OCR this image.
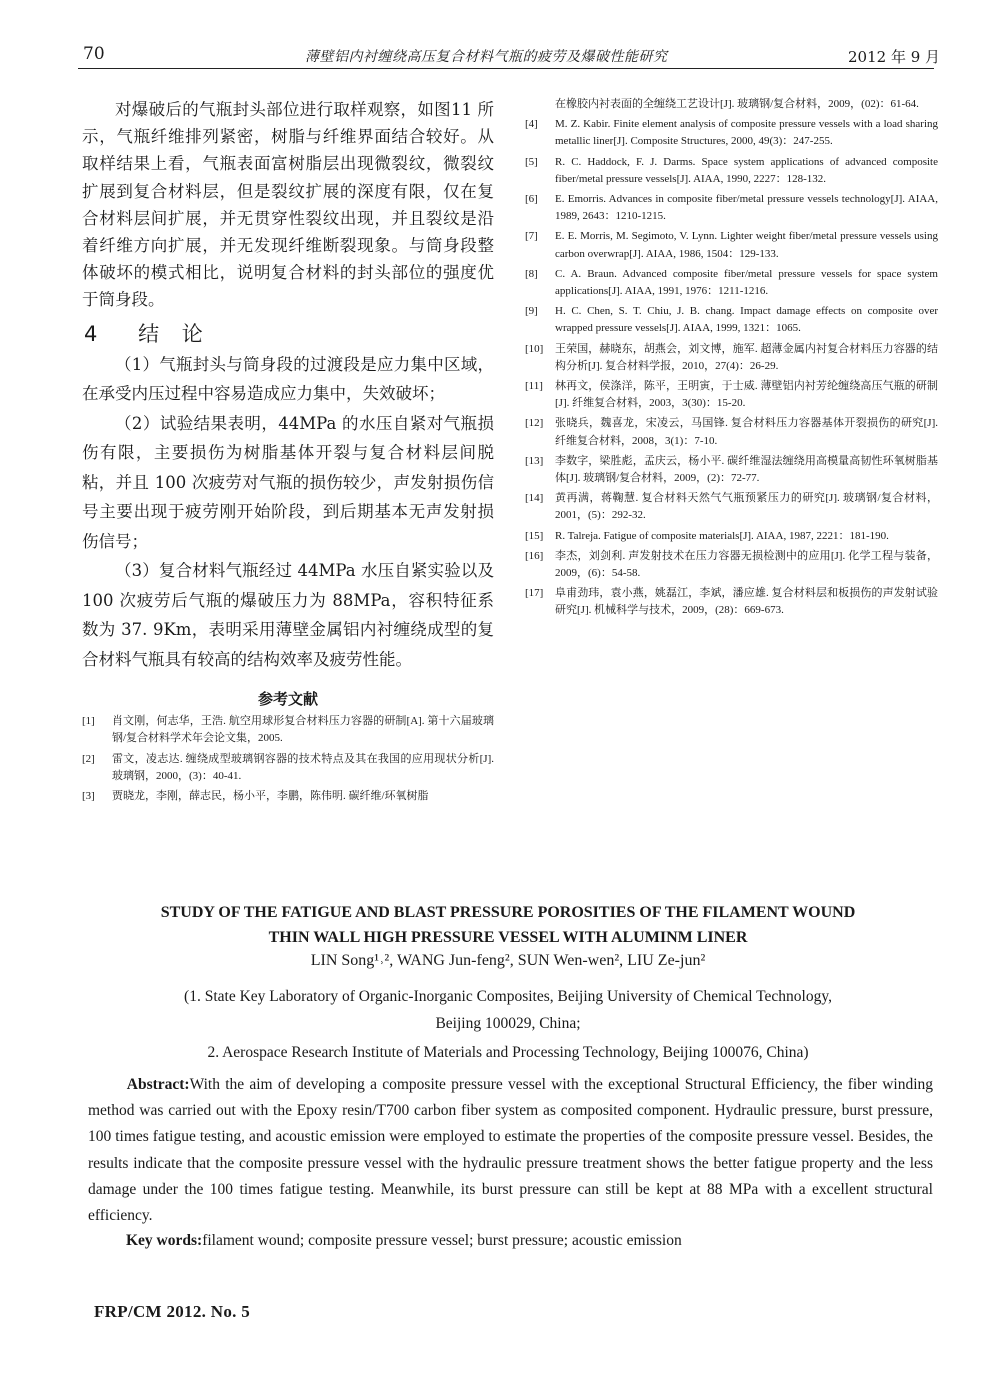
70	薄壁铝内衬缠绕高压复合材料气瓶的疲劳及爆破性能研究	2012 年 9 月

对爆破后的气瓶封头部位进行取样观察，如图11 所示，气瓶纤维排列紧密，树脂与纤维界面结合较好。从取样结果上看，气瓶表面富树脂层出现微裂纹，微裂纹扩展到复合材料层，但是裂纹扩展的深度有限，仅在复合材料层间扩展，并无贯穿性裂纹出现，并且裂纹是沿着纤维方向扩展，并无发现纤维断裂现象。与筒身段整体破坏的模式相比，说明复合材料的封头部位的强度优于筒身段。

4 结 论

（1）气瓶封头与筒身段的过渡段是应力集中区域，在承受内压过程中容易造成应力集中，失效破坏；

（2）试验结果表明，44MPa 的水压自紧对气瓶损伤有限，主要损伤为树脂基体开裂与复合材料层间脱粘，并且 100 次疲劳对气瓶的损伤较少，声发射损伤信号主要出现于疲劳刚开始阶段，到后期基本无声发射损伤信号；

（3）复合材料气瓶经过 44MPa 水压自紧实验以及 100 次疲劳后气瓶的爆破压力为 88MPa，容积特征系数为 37. 9Km，表明采用薄壁金属铝内衬缠绕成型的复合材料气瓶具有较高的结构效率及疲劳性能。

参考文献
[1]	肖文刚，何志华，王浩. 航空用球形复合材料压力容器的研制[A]. 第十六届玻璃钢/复合材料学术年会论文集，2005.
[2]	雷文，凌志达. 缠绕成型玻璃钢容器的技术特点及其在我国的应用现状分析[J]. 玻璃钢，2000，(3)：40-41.
[3]	贾晓龙，李刚，薛志民，杨小平，李鹏，陈伟明. 碳纤维/环氧树脂
在橡胶内衬表面的全缠绕工艺设计[J]. 玻璃钢/复合材料，2009，(02)：61-64.
[4]	M. Z. Kabir. Finite element analysis of composite pressure vessels with a load sharing metallic liner[J]. Composite Structures, 2000, 49(3)：247-255.
[5]	R. C. Haddock, F. J. Darms. Space system applications of advanced composite fiber/metal pressure vessels[J]. AIAA, 1990, 2227：128-132.
[6]	E. Emorris. Advances in composite fiber/metal pressure vessels technology[J]. AIAA, 1989, 2643：1210-1215.
[7]	E. E. Morris, M. Segimoto, V. Lynn. Lighter weight fiber/metal pressure vessels using carbon overwrap[J]. AIAA, 1986, 1504：129-133.
[8]	C. A. Braun. Advanced composite fiber/metal pressure vessels for space system applications[J]. AIAA, 1991, 1976：1211-1216.
[9]	H. C. Chen, S. T. Chiu, J. B. chang. Impact damage effects on composite over wrapped pressure vessels[J]. AIAA, 1999, 1321：1065.
[10]	王荣国，赫晓东，胡燕会，刘文博，施军. 超薄金属内衬复合材料压力容器的结构分析[J]. 复合材料学报，2010，27(4)：26-29.
[11]	林再文，侯涤洋，陈平，王明寅，于士威. 薄壁铝内衬芳纶缠绕高压气瓶的研制[J]. 纤维复合材料，2003，3(30)：15-20.
[12]	张晓兵，魏喜龙，宋凌云，马国锋. 复合材料压力容器基体开裂损伤的研究[J]. 纤维复合材料，2008，3(1)：7-10.
[13]	李数字，梁胜彪，孟庆云，杨小平. 碳纤维湿法缠绕用高模量高韧性环氧树脂基体[J]. 玻璃钢/复合材料，2009，(2)：72-77.
[14]	黄再满，蒋鞠慧. 复合材料天然气气瓶预紧压力的研究[J]. 玻璃钢/复合材料，2001，(5)：292-32.
[15]	R. Talreja. Fatigue of composite materials[J]. AIAA, 1987, 2221：181-190.
[16]	李杰，刘剑利. 声发射技术在压力容器无损检测中的应用[J]. 化学工程与装备，2009，(6)：54-58.
[17]	阜甫劲玮，袁小燕，姚磊江，李斌，潘应雄. 复合材料层和板损伤的声发射试验研究[J]. 机械科学与技术，2009，(28)：669-673.
STUDY OF THE FATIGUE AND BLAST PRESSURE POROSITIES OF THE FILAMENT WOUND
THIN WALL HIGH PRESSURE VESSEL WITH ALUMINM LINER
LIN Song¹˒², WANG Jun-feng², SUN Wen-wen², LIU Ze-jun²
(1. State Key Laboratory of Organic-Inorganic Composites, Beijing University of Chemical Technology,
Beijing 100029, China;
2. Aerospace Research Institute of Materials and Processing Technology, Beijing 100076, China)

Abstract:With the aim of developing a composite pressure vessel with the exceptional Structural Efficiency, the fiber winding method was carried out with the Epoxy resin/T700 carbon fiber system as composited component. Hydraulic pressure, burst pressure, 100 times fatigue testing, and acoustic emission were employed to estimate the properties of the composite pressure vessel. Besides, the results indicate that the composite pressure vessel with the hydraulic pressure treatment shows the better fatigue property and the less damage under the 100 times fatigue testing. Meanwhile, its burst pressure can still be kept at 88 MPa with a excellent structural efficiency.

Key words:filament wound; composite pressure vessel; burst pressure; acoustic emission
FRP/CM 2012. No. 5
